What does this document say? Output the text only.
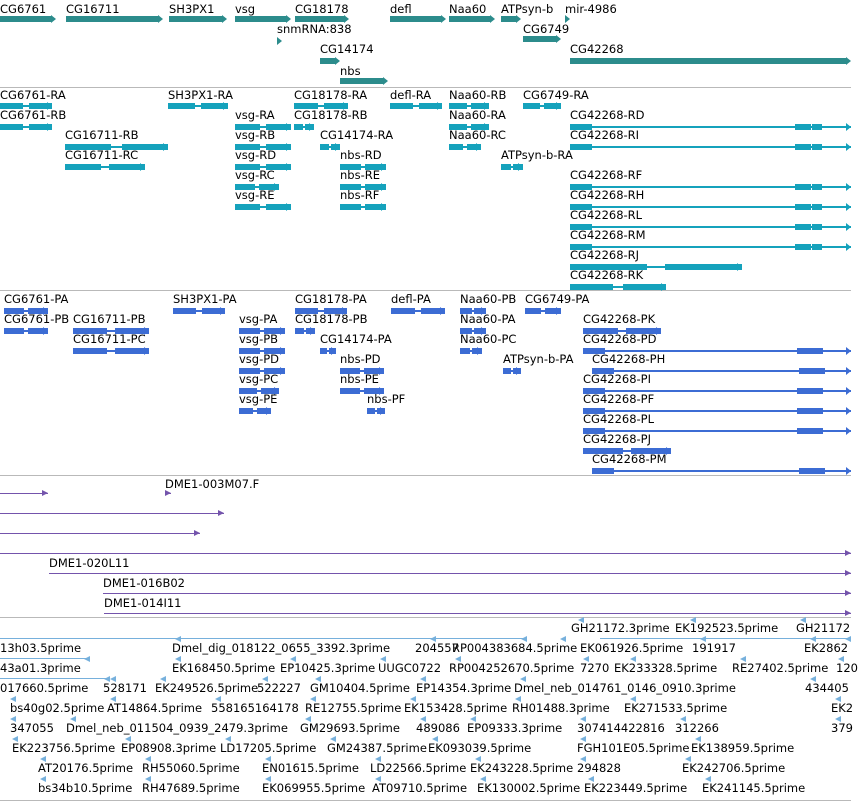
CG6761 CG16711	SH3PX1 vsg	CG18178	defl	Naa60 ATPsyn-b mir-4986
snmRNA:838	CG6749
CG14174	CG42268
nbs
CG6761-RA	SH3PX1-RA	CG18178-RA defl-RA Naa60-RB CG6749-RA
CG6761-RB	vsg-RA CG18178-RB	Naa60-RA	CG42268-RD
CG16711-RB	vsg-RB	CG14174-RA	Naa60-RC	CG42268-RI
CG16711-RC	vsg-RD	nbs-RD	ATPsyn-b-RA
vsg-RC	nbs-RE	CG42268-RF
vsg-RE	nbs-RF	CG42268-RH
CG42268-RL
CG42268-RM
CG42268-RJ
CG42268-RK
CG6761-PA	SH3PX1-PA	CG18178-PA defl-PA	Naa60-PB CG6749-PA
CG6761-PB CG16711-PB	vsg-PA CG18178-PB	Naa60-PA	CG42268-PK
CG16711-PC	vsg-PB	CG14174-PA	Naa60-PC	CG42268-PD
vsg-PD	nbs-PD	ATPsyn-b-PA CG42268-PH
vsg-PC	nbs-PE	CG42268-PI
vsg-PE	nbs-PF	CG42268-PF
CG42268-PL
CG42268-PJ
CG42268-PM
DME1-003M07.F
DME1-020L11
DME1-016B02
DME1-014I11
GH21172.3prime EK192523.5prime GH21172
13h03.5prime	Dmel_dig_018122_0655_3392.3prime 204557
RP004383684.5prime EK061926.5prime 191917	EK2862
43a01.3prime	EK168450.5prime EP10425.3prime UUGC0722 RP004252670.5prime 7270 EK233328.5prime RE27402.5prime 120
017660.5prime 528171 EK249526.5prime
522227 GM10404.5prime EP14354.3prime Dmel_neb_014761_0146_0910.3prime	434405
bs40g02.5prime AT14864.5prime 558165164178 RE12755.5prime EK153428.5prime RH01488.3prime EK271533.5prime	EK2
347055 Dmel_neb_011504_0939_2479.3prime GM29693.5prime 489086 EP09333.3prime 307414422816 312266	379
EK223756.5prime EP08908.3prime LD17205.5prime GM24387.5prime EK093039.5prime	FGH101E05.5prime EK138959.5prime
AT20176.5prime RH55060.5prime EN01615.5prime LD22566.5prime EK243228.5prime 294828	EK242706.5prime
bs34b10.5prime RH47689.5prime EK069955.5prime AT09710.5prime EK130002.5prime EK223449.5prime EK241145.5prime
